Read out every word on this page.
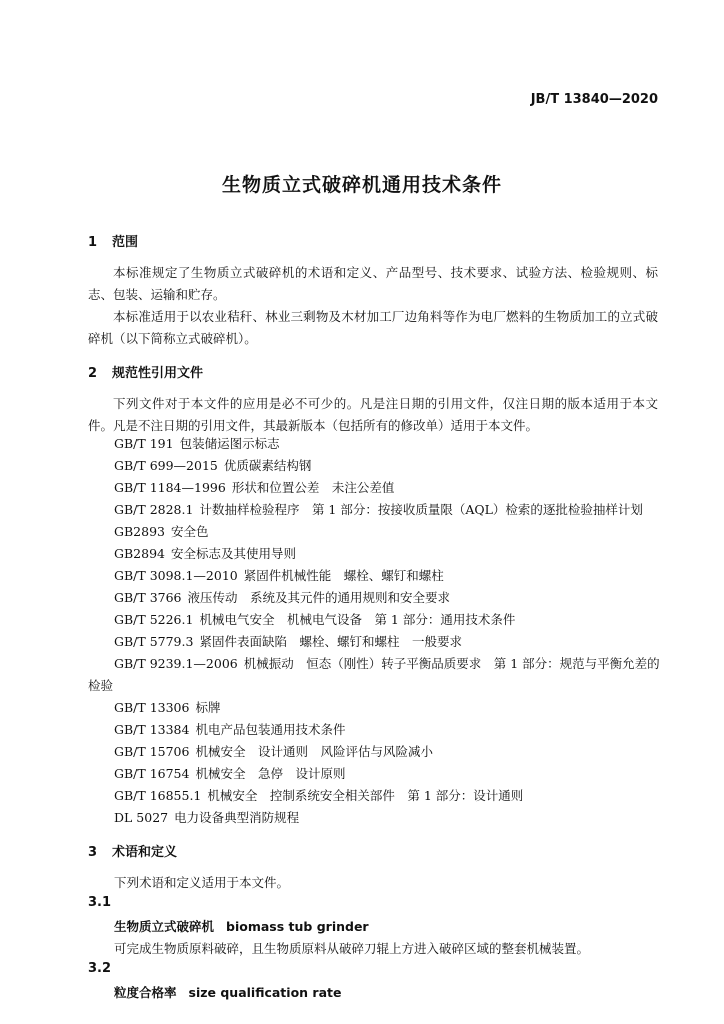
JB/T 13840—2020
生物质立式破碎机通用技术条件
1 范围
本标准规定了生物质立式破碎机的术语和定义、产品型号、技术要求、试验方法、检验规则、标志、包装、运输和贮存。
本标准适用于以农业秸秆、林业三剩物及木材加工厂边角料等作为电厂燃料的生物质加工的立式破碎机（以下简称立式破碎机）。
2 规范性引用文件
下列文件对于本文件的应用是必不可少的。凡是注日期的引用文件，仅注日期的版本适用于本文件。凡是不注日期的引用文件，其最新版本（包括所有的修改单）适用于本文件。
GB/T 191 包装储运图示标志
GB/T 699—2015 优质碳素结构钢
GB/T 1184—1996 形状和位置公差　未注公差值
GB/T 2828.1 计数抽样检验程序　第 1 部分：按接收质量限（AQL）检索的逐批检验抽样计划
GB2893 安全色
GB2894 安全标志及其使用导则
GB/T 3098.1—2010 紧固件机械性能　螺栓、螺钉和螺柱
GB/T 3766 液压传动　系统及其元件的通用规则和安全要求
GB/T 5226.1 机械电气安全　机械电气设备　第 1 部分：通用技术条件
GB/T 5779.3 紧固件表面缺陷　螺栓、螺钉和螺柱　一般要求
GB/T 9239.1—2006 机械振动　恒态（刚性）转子平衡品质要求　第 1 部分：规范与平衡允差的
检验
GB/T 13306 标牌
GB/T 13384 机电产品包装通用技术条件
GB/T 15706 机械安全　设计通则　风险评估与风险减小
GB/T 16754 机械安全　急停　设计原则
GB/T 16855.1 机械安全　控制系统安全相关部件　第 1 部分：设计通则
DL 5027 电力设备典型消防规程
3 术语和定义
下列术语和定义适用于本文件。
3.1
生物质立式破碎机 biomass tub grinder
可完成生物质原料破碎，且生物质原料从破碎刀辊上方进入破碎区域的整套机械装置。
3.2
粒度合格率 size qualification rate
